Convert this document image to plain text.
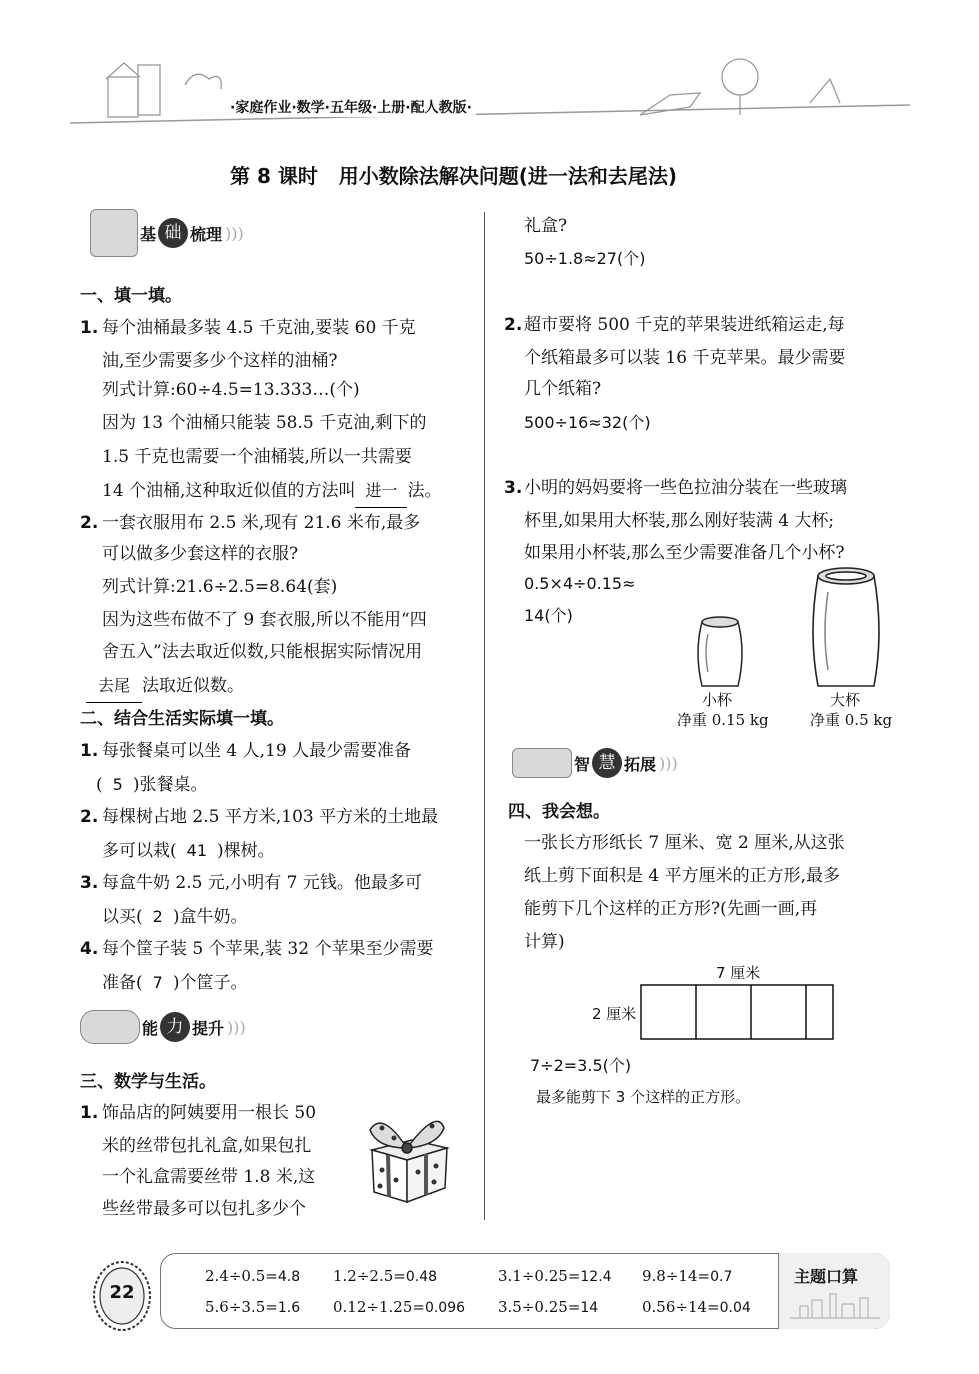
·家庭作业·数学·五年级·上册·配人教版·
第 8 课时   用小数除法解决问题(进一法和去尾法)
基 础 梳理 )))
一、填一填。
1. 每个油桶最多装 4.5 千克油,要装 60 千克
油,至少需要多少个这样的油桶?
列式计算:60÷4.5=13.333…(个)
因为 13 个油桶只能装 58.5 千克油,剩下的
1.5 千克也需要一个油桶装,所以一共需要
14 个油桶,这种取近似值的方法叫 进一 法。
2. 一套衣服用布 2.5 米,现有 21.6 米布,最多
可以做多少套这样的衣服?
列式计算:21.6÷2.5=8.64(套)
因为这些布做不了 9 套衣服,所以不能用“四
舍五入”法去取近似数,只能根据实际情况用
去尾 法取近似数。
二、结合生活实际填一填。
1. 每张餐桌可以坐 4 人,19 人最少需要准备
( 5 )张餐桌。
2. 每棵树占地 2.5 平方米,103 平方米的土地最
多可以栽( 41 )棵树。
3. 每盒牛奶 2.5 元,小明有 7 元钱。他最多可
以买( 2 )盒牛奶。
4. 每个筐子装 5 个苹果,装 32 个苹果至少需要
准备( 7 )个筐子。
能 力 提升 )))
三、数学与生活。
1. 饰品店的阿姨要用一根长 50
米的丝带包扎礼盒,如果包扎
一个礼盒需要丝带 1.8 米,这
些丝带最多可以包扎多少个
礼盒?
50÷1.8≈27(个)
2. 超市要将 500 千克的苹果装进纸箱运走,每
个纸箱最多可以装 16 千克苹果。最少需要
几个纸箱?
500÷16≈32(个)
3. 小明的妈妈要将一些色拉油分装在一些玻璃
杯里,如果用大杯装,那么刚好装满 4 大杯;
如果用小杯装,那么至少需要准备几个小杯?
0.5×4÷0.15≈
14(个)
小杯
净重 0.15 kg
大杯
净重 0.5 kg
智 慧 拓展 )))
四、我会想。
一张长方形纸长 7 厘米、宽 2 厘米,从这张
纸上剪下面积是 4 平方厘米的正方形,最多
能剪下几个这样的正方形?(先画一画,再
计算)
7 厘米
2 厘米
7÷2=3.5(个)
最多能剪下 3 个这样的正方形。
22
主题口算
2.4÷0.5=4.8 1.2÷2.5=0.48	3.1÷0.25=12.4 9.8÷14=0.7
5.6÷3.5=1.6 0.12÷1.25=0.096 3.5÷0.25=14	0.56÷14=0.04
